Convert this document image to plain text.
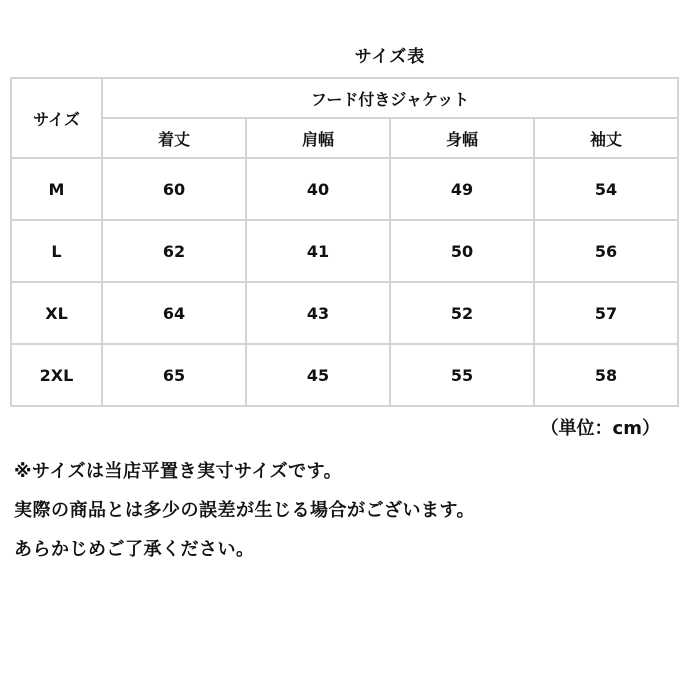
サイズ表
サイズ	フード付きジャケット			
	着丈	肩幅	身幅	袖丈
M	60	40	49	54
L	62	41	50	56
XL	64	43	52	57
2XL	65	45	55	58
（単位：cm）
※サイズは当店平置き実寸サイズです。
実際の商品とは多少の誤差が生じる場合がございます。
あらかじめご了承ください。
